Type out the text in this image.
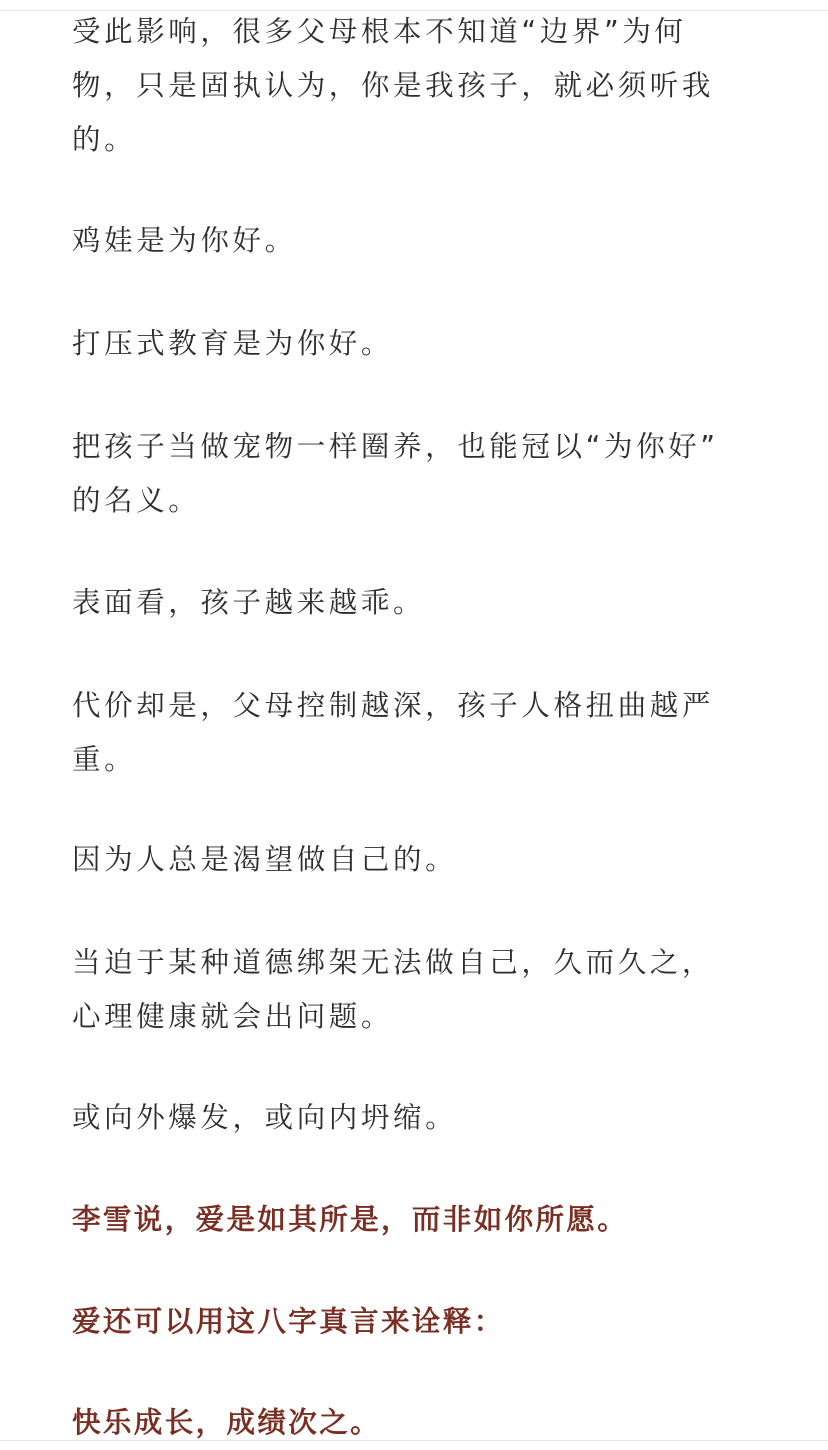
受此影响，很多父母根本不知道“边界”为何
物，只是固执认为，你是我孩子，就必须听我
的。

鸡娃是为你好。

打压式教育是为你好。

把孩子当做宠物一样圈养，也能冠以“为你好”
的名义。

表面看，孩子越来越乖。

代价却是，父母控制越深，孩子人格扭曲越严
重。

因为人总是渴望做自己的。

当迫于某种道德绑架无法做自己，久而久之，
心理健康就会出问题。

或向外爆发，或向内坍缩。

李雪说，爱是如其所是，而非如你所愿。

爱还可以用这八字真言来诠释：

快乐成长，成绩次之。
